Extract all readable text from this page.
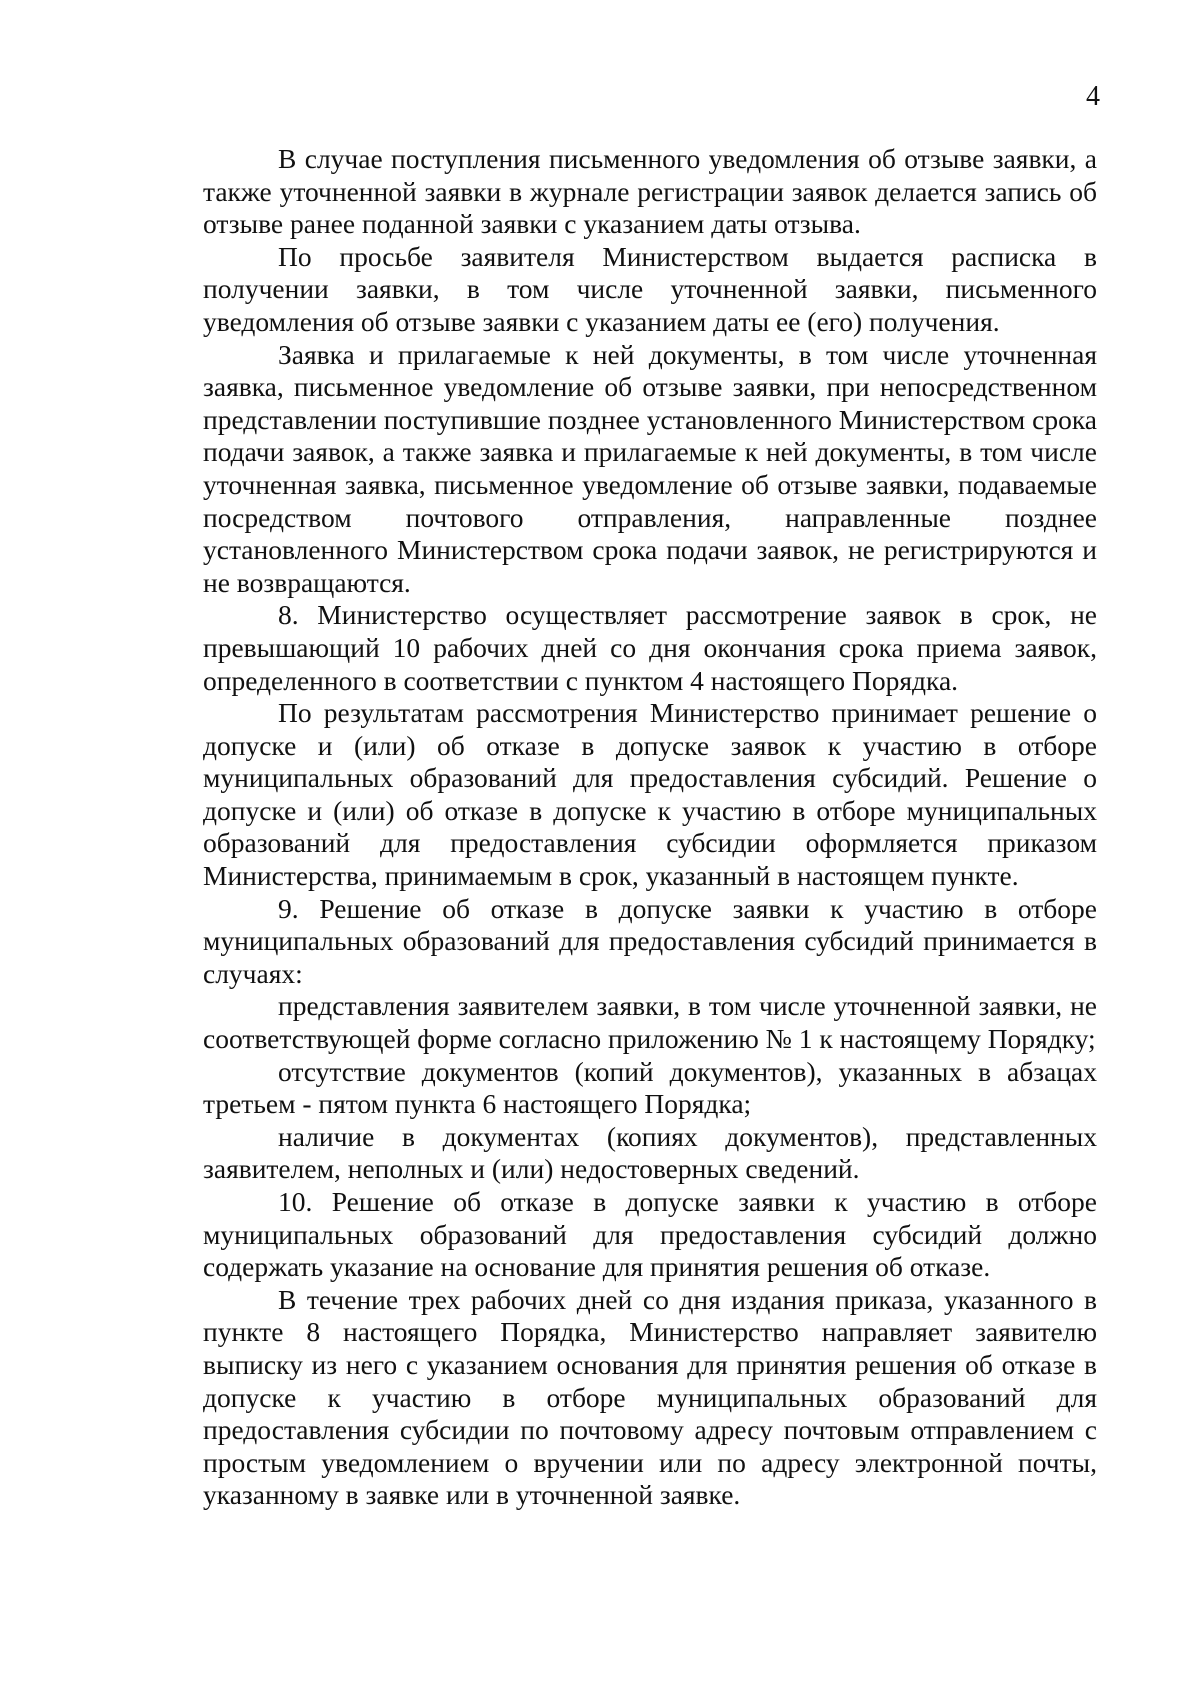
4

В случае поступления письменного уведомления об отзыве заявки, а также уточненной заявки в журнале регистрации заявок делается запись об отзыве ранее поданной заявки с указанием даты отзыва.

По просьбе заявителя Министерством выдается расписка в получении заявки, в том числе уточненной заявки, письменного уведомления об отзыве заявки с указанием даты ее (его) получения.

Заявка и прилагаемые к ней документы, в том числе уточненная заявка, письменное уведомление об отзыве заявки, при непосредственном представлении поступившие позднее установленного Министерством срока подачи заявок, а также заявка и прилагаемые к ней документы, в том числе уточненная заявка, письменное уведомление об отзыве заявки, подаваемые посредством почтового отправления, направленные позднее установленного Министерством срока подачи заявок, не регистрируются и не возвращаются.

8. Министерство осуществляет рассмотрение заявок в срок, не превышающий 10 рабочих дней со дня окончания срока приема заявок, определенного в соответствии с пунктом 4 настоящего Порядка.

По результатам рассмотрения Министерство принимает решение о допуске и (или) об отказе в допуске заявок к участию в отборе муниципальных образований для предоставления субсидий. Решение о допуске и (или) об отказе в допуске к участию в отборе муниципальных образований для предоставления субсидии оформляется приказом Министерства, принимаемым в срок, указанный в настоящем пункте.

9. Решение об отказе в допуске заявки к участию в отборе муниципальных образований для предоставления субсидий принимается в случаях:

представления заявителем заявки, в том числе уточненной заявки, не соответствующей форме согласно приложению № 1 к настоящему Порядку;

отсутствие документов (копий документов), указанных в абзацах третьем - пятом пункта 6 настоящего Порядка;

наличие в документах (копиях документов), представленных заявителем, неполных и (или) недостоверных сведений.

10. Решение об отказе в допуске заявки к участию в отборе муниципальных образований для предоставления субсидий должно содержать указание на основание для принятия решения об отказе.

В течение трех рабочих дней со дня издания приказа, указанного в пункте 8 настоящего Порядка, Министерство направляет заявителю выписку из него с указанием основания для принятия решения об отказе в допуске к участию в отборе муниципальных образований для предоставления субсидии по почтовому адресу почтовым отправлением с простым уведомлением о вручении или по адресу электронной почты, указанному в заявке или в уточненной заявке.
